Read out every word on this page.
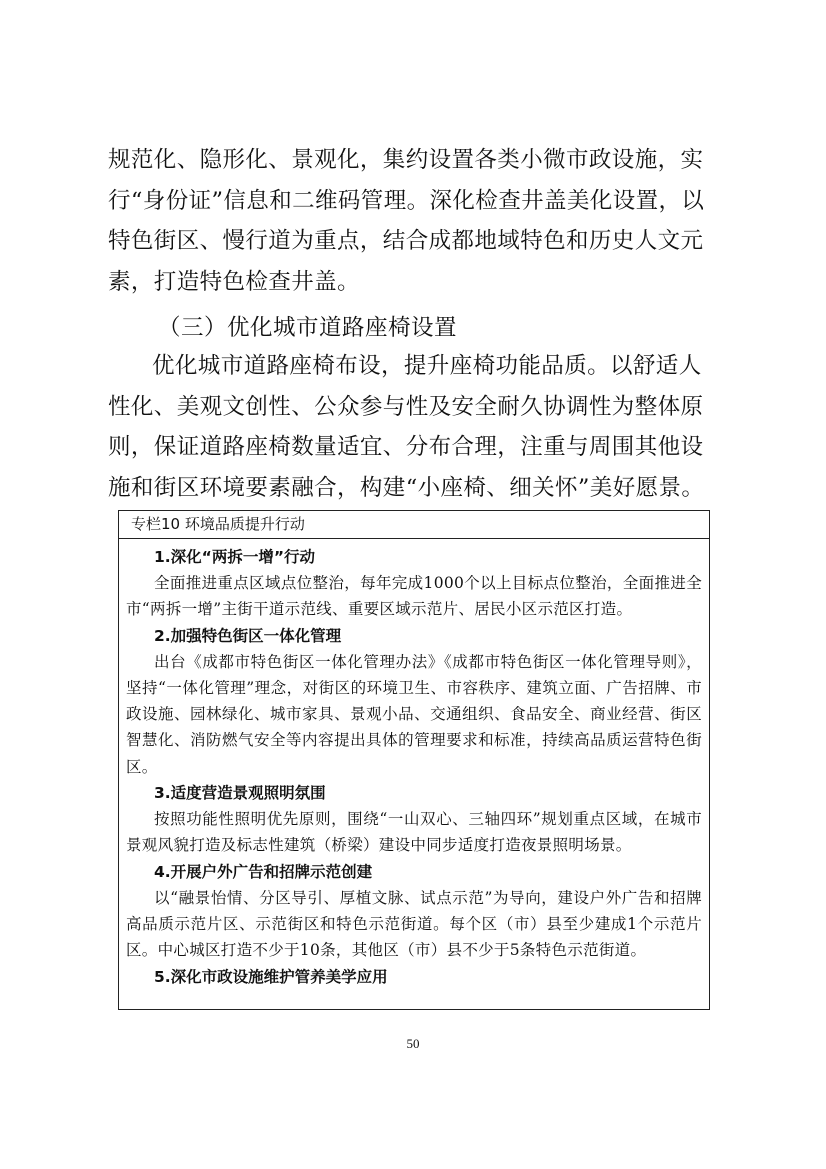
规范化、隐形化、景观化，集约设置各类小微市政设施，实行“身份证”信息和二维码管理。深化检查井盖美化设置，以特色街区、慢行道为重点，结合成都地域特色和历史人文元素，打造特色检查井盖。

（三）优化城市道路座椅设置

优化城市道路座椅布设，提升座椅功能品质。以舒适人性化、美观文创性、公众参与性及安全耐久协调性为整体原则，保证道路座椅数量适宜、分布合理，注重与周围其他设施和街区环境要素融合，构建“小座椅、细关怀”美好愿景。

专栏10 环境品质提升行动

1.深化“两拆一增”行动

全面推进重点区域点位整治，每年完成1000个以上目标点位整治，全面推进全市“两拆一增”主街干道示范线、重要区域示范片、居民小区示范区打造。

2.加强特色街区一体化管理

出台《成都市特色街区一体化管理办法》《成都市特色街区一体化管理导则》，坚持“一体化管理”理念，对街区的环境卫生、市容秩序、建筑立面、广告招牌、市政设施、园林绿化、城市家具、景观小品、交通组织、食品安全、商业经营、街区智慧化、消防燃气安全等内容提出具体的管理要求和标准，持续高品质运营特色街区。

3.适度营造景观照明氛围

按照功能性照明优先原则，围绕“一山双心、三轴四环”规划重点区域，在城市景观风貌打造及标志性建筑（桥梁）建设中同步适度打造夜景照明场景。

4.开展户外广告和招牌示范创建

以“融景怡情、分区导引、厚植文脉、试点示范”为导向，建设户外广告和招牌高品质示范片区、示范街区和特色示范街道。每个区（市）县至少建成1个示范片区。中心城区打造不少于10条，其他区（市）县不少于5条特色示范街道。

5.深化市政设施维护管养美学应用

50
